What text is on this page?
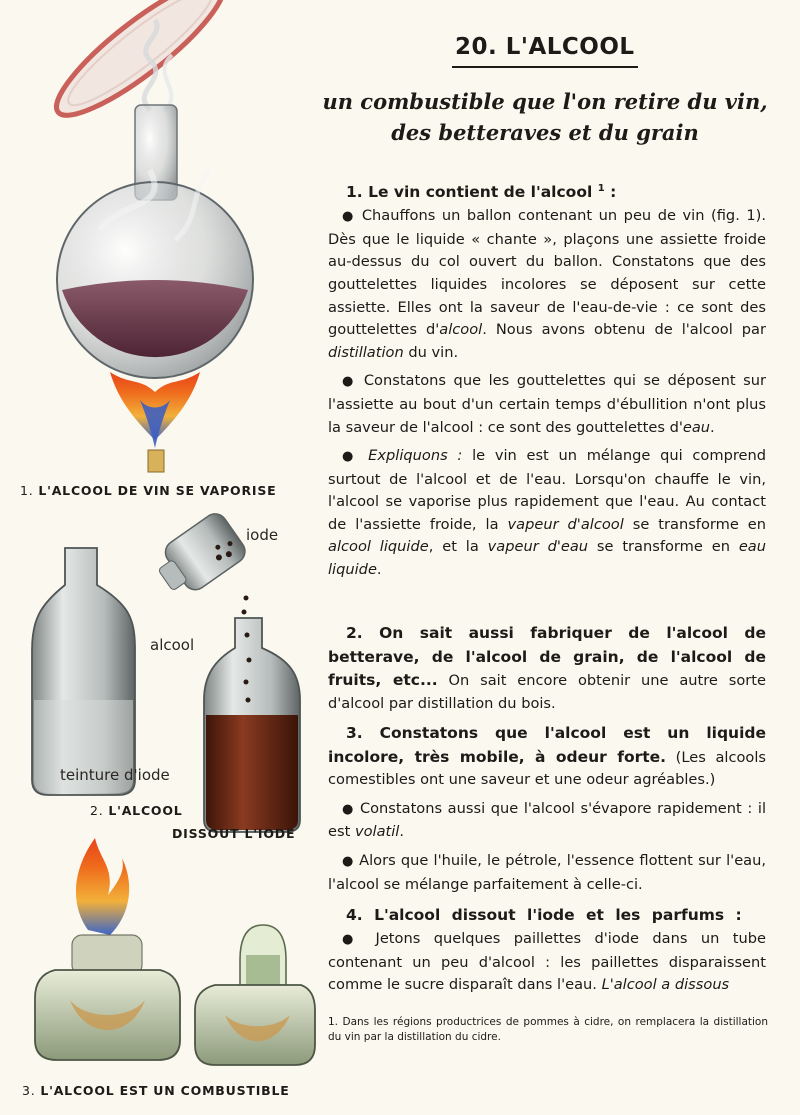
1. L'ALCOOL DE VIN SE VAPORISE
iode
alcool
teinture d'iode
2. L'ALCOOL
DISSOUT L'IODE
3. L'ALCOOL EST UN COMBUSTIBLE
20. L'ALCOOL

un combustible que l'on retire du vin, des betteraves et du grain

1. Le vin contient de l'alcool $^1$ :

● Chauffons un ballon contenant un peu de vin (fig. 1). Dès que le liquide « chante », plaçons une assiette froide au-dessus du col ouvert du ballon. Constatons que des gouttelettes liquides incolores se déposent sur cette assiette. Elles ont la saveur de l'eau-de-vie : ce sont des gouttelettes d'alcool. Nous avons obtenu de l'alcool par distillation du vin.

● Constatons que les gouttelettes qui se déposent sur l'assiette au bout d'un certain temps d'ébullition n'ont plus la saveur de l'alcool : ce sont des gouttelettes d'eau.

● Expliquons : le vin est un mélange qui comprend surtout de l'alcool et de l'eau. Lorsqu'on chauffe le vin, l'alcool se vaporise plus rapidement que l'eau. Au contact de l'assiette froide, la vapeur d'alcool se transforme en alcool liquide, et la vapeur d'eau se transforme en eau liquide.

2. On sait aussi fabriquer de l'alcool de betterave, de l'alcool de grain, de l'alcool de fruits, etc... On sait encore obtenir une autre sorte d'alcool par distillation du bois.

3. Constatons que l'alcool est un liquide incolore, très mobile, à odeur forte. (Les alcools comestibles ont une saveur et une odeur agréables.)

● Constatons aussi que l'alcool s'évapore rapidement : il est volatil.

● Alors que l'huile, le pétrole, l'essence flottent sur l'eau, l'alcool se mélange parfaitement à celle-ci.

4. L'alcool dissout l'iode et les parfums :

● Jetons quelques paillettes d'iode dans un tube contenant un peu d'alcool : les paillettes disparaissent comme le sucre disparaît dans l'eau. L'alcool a dissous

1. Dans les régions productrices de pommes à cidre, on remplacera la distillation du vin par la distillation du cidre.
